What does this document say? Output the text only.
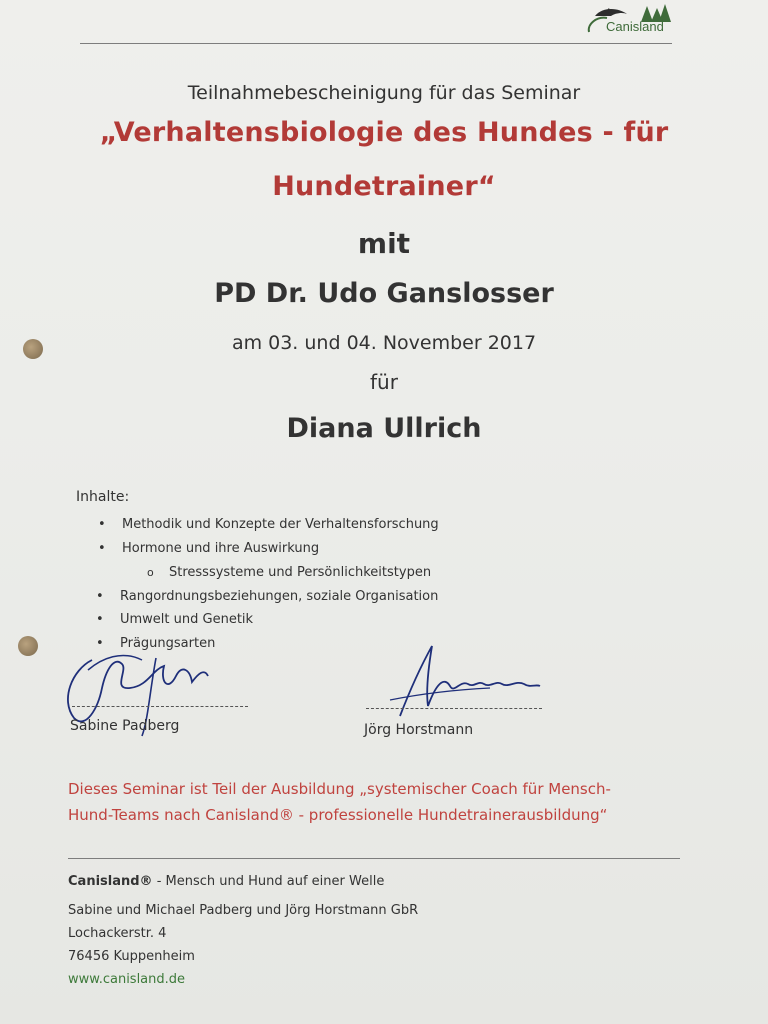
Canisland
Teilnahmebescheinigung für das Seminar
„Verhaltensbiologie des Hundes - für
Hundetrainer“
mit
PD Dr. Udo Ganslosser
am 03. und 04. November 2017
für
Diana Ullrich
Inhalte:
• Methodik und Konzepte der Verhaltensforschung
• Hormone und ihre Auswirkung
o Stresssysteme und Persönlichkeitstypen
• Rangordnungsbeziehungen, soziale Organisation
• Umwelt und Genetik
• Prägungsarten
Sabine Padberg	Jörg Horstmann
Dieses Seminar ist Teil der Ausbildung „systemischer Coach für Mensch-
Hund-Teams nach Canisland® - professionelle Hundetrainerausbildung“
Canisland® - Mensch und Hund auf einer Welle
Sabine und Michael Padberg und Jörg Horstmann GbR
Lochackerstr. 4
76456 Kuppenheim
www.canisland.de
